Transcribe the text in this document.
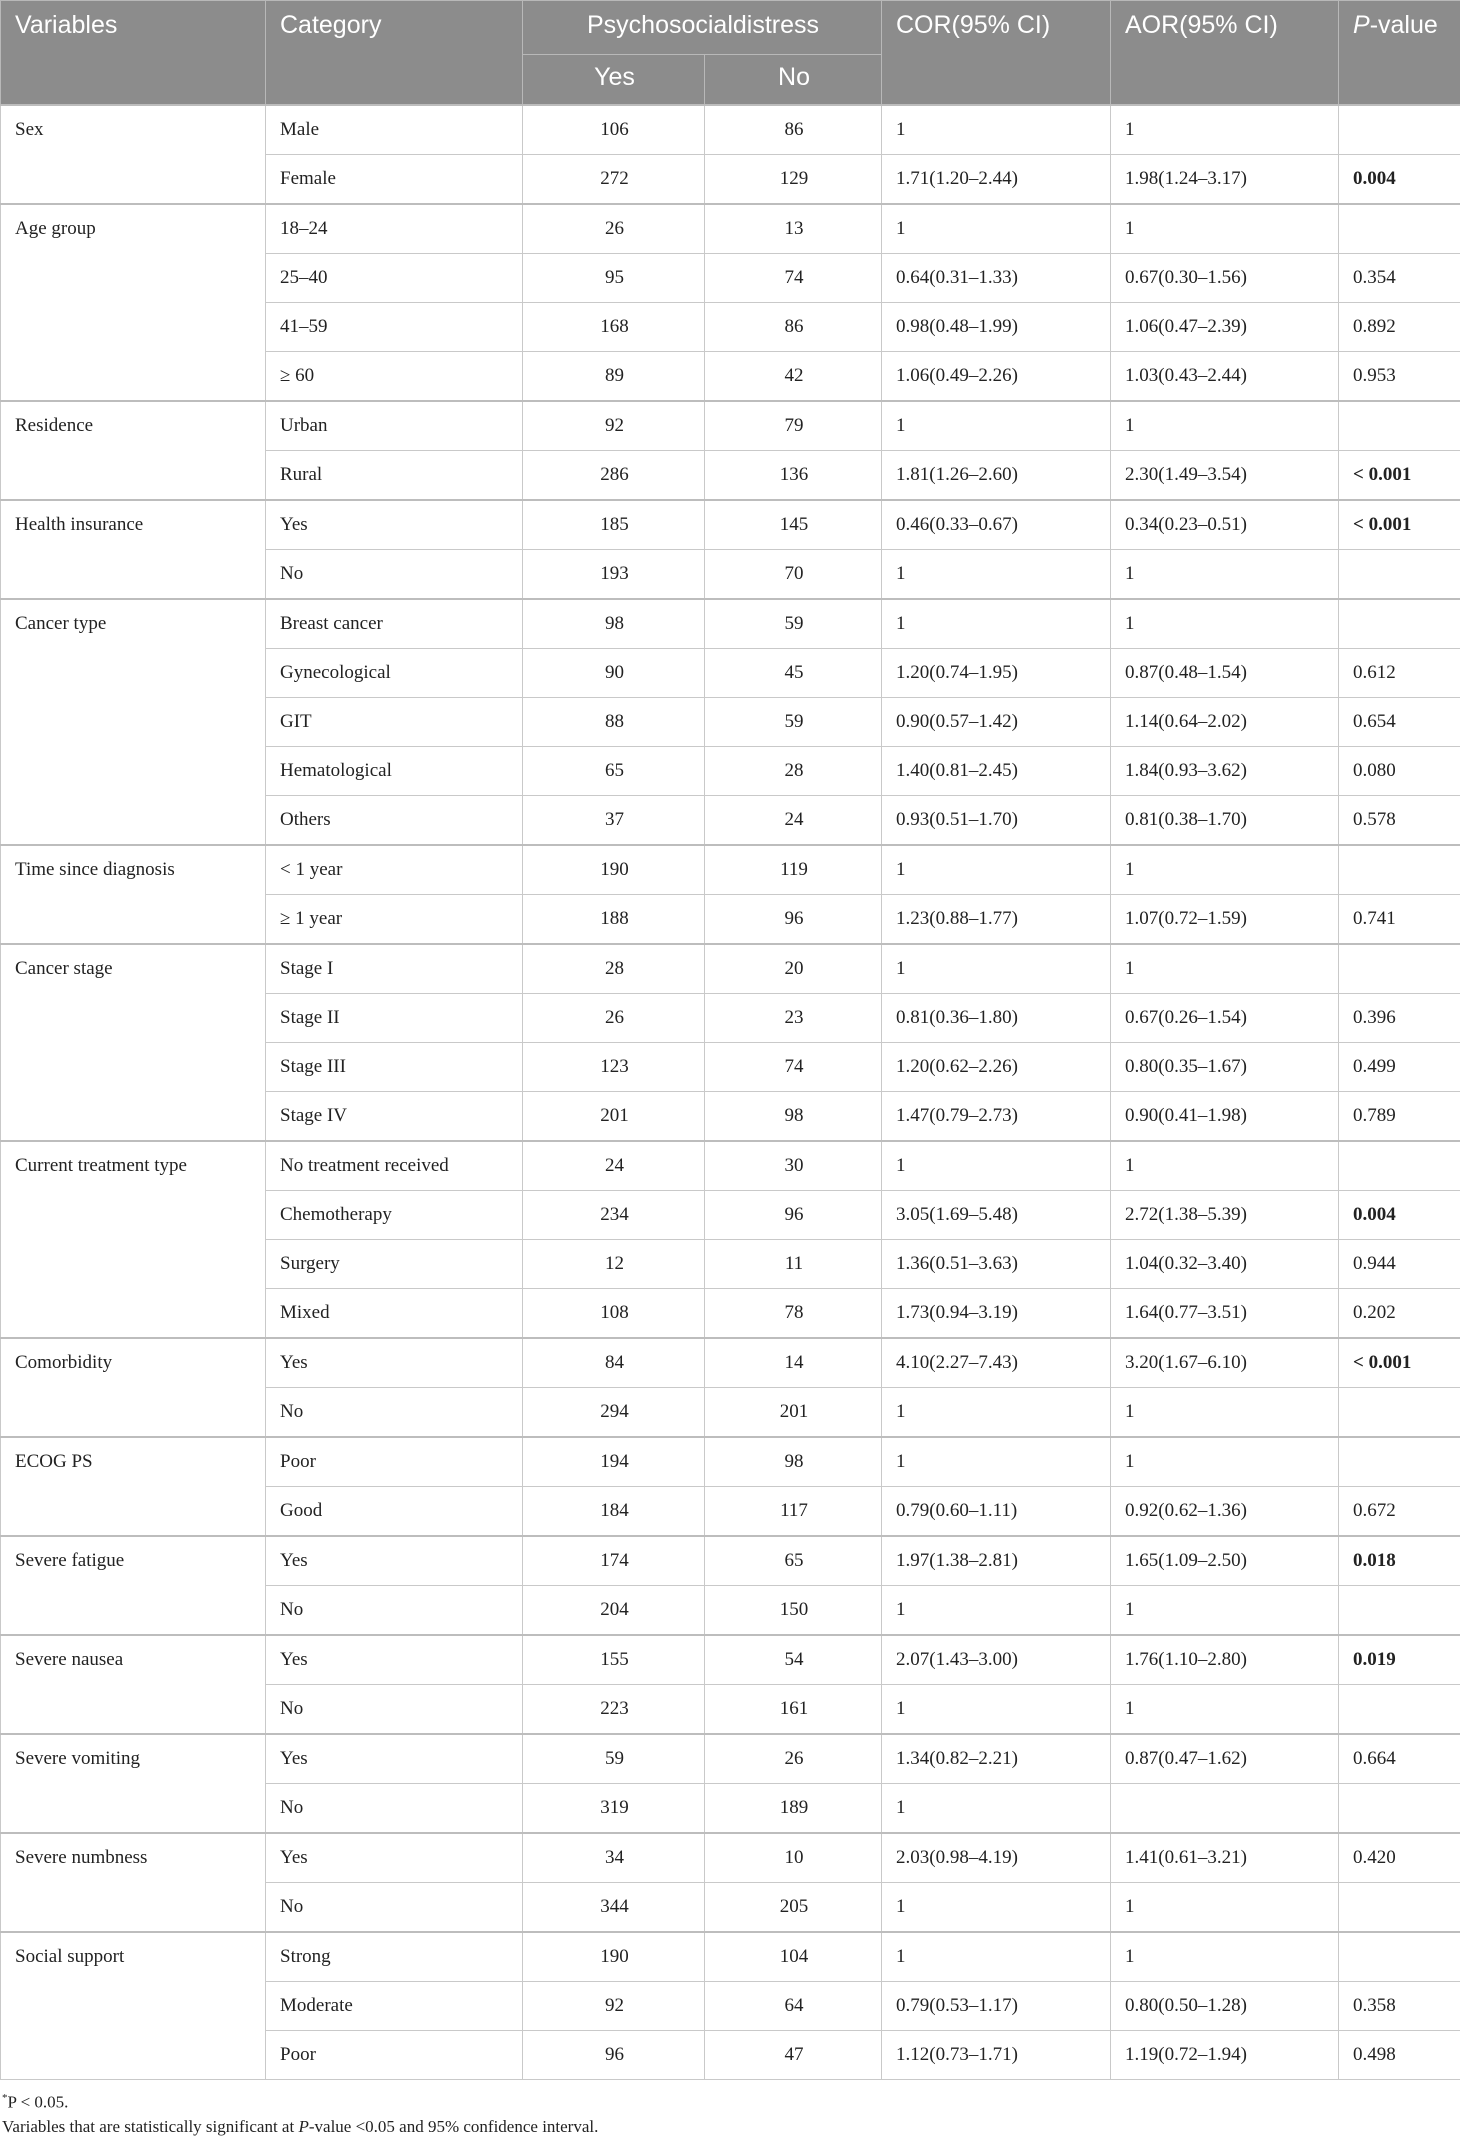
Variables	Category	Psychosocialdistress		COR(95% CI)	AOR(95% CI)	P-value
		Yes	No			
Sex	Male	106	86	1	1	
	Female	272	129	1.71(1.20–2.44)	1.98(1.24–3.17)	0.004
Age group	18–24	26	13	1	1	
	25–40	95	74	0.64(0.31–1.33)	0.67(0.30–1.56)	0.354
	41–59	168	86	0.98(0.48–1.99)	1.06(0.47–2.39)	0.892
	≥ 60	89	42	1.06(0.49–2.26)	1.03(0.43–2.44)	0.953
Residence	Urban	92	79	1	1	
	Rural	286	136	1.81(1.26–2.60)	2.30(1.49–3.54)	< 0.001
Health insurance	Yes	185	145	0.46(0.33–0.67)	0.34(0.23–0.51)	< 0.001
	No	193	70	1	1	
Cancer type	Breast cancer	98	59	1	1	
	Gynecological	90	45	1.20(0.74–1.95)	0.87(0.48–1.54)	0.612
	GIT	88	59	0.90(0.57–1.42)	1.14(0.64–2.02)	0.654
	Hematological	65	28	1.40(0.81–2.45)	1.84(0.93–3.62)	0.080
	Others	37	24	0.93(0.51–1.70)	0.81(0.38–1.70)	0.578
Time since diagnosis	< 1 year	190	119	1	1	
	≥ 1 year	188	96	1.23(0.88–1.77)	1.07(0.72–1.59)	0.741
Cancer stage	Stage I	28	20	1	1	
	Stage II	26	23	0.81(0.36–1.80)	0.67(0.26–1.54)	0.396
	Stage III	123	74	1.20(0.62–2.26)	0.80(0.35–1.67)	0.499
	Stage IV	201	98	1.47(0.79–2.73)	0.90(0.41–1.98)	0.789
Current treatment type	No treatment received	24	30	1	1	
	Chemotherapy	234	96	3.05(1.69–5.48)	2.72(1.38–5.39)	0.004
	Surgery	12	11	1.36(0.51–3.63)	1.04(0.32–3.40)	0.944
	Mixed	108	78	1.73(0.94–3.19)	1.64(0.77–3.51)	0.202
Comorbidity	Yes	84	14	4.10(2.27–7.43)	3.20(1.67–6.10)	< 0.001
	No	294	201	1	1	
ECOG PS	Poor	194	98	1	1	
	Good	184	117	0.79(0.60–1.11)	0.92(0.62–1.36)	0.672
Severe fatigue	Yes	174	65	1.97(1.38–2.81)	1.65(1.09–2.50)	0.018
	No	204	150	1	1	
Severe nausea	Yes	155	54	2.07(1.43–3.00)	1.76(1.10–2.80)	0.019
	No	223	161	1	1	
Severe vomiting	Yes	59	26	1.34(0.82–2.21)	0.87(0.47–1.62)	0.664
	No	319	189	1		
Severe numbness	Yes	34	10	2.03(0.98–4.19)	1.41(0.61–3.21)	0.420
	No	344	205	1	1	
Social support	Strong	190	104	1	1	
	Moderate	92	64	0.79(0.53–1.17)	0.80(0.50–1.28)	0.358
	Poor	96	47	1.12(0.73–1.71)	1.19(0.72–1.94)	0.498
*P < 0.05.
Variables that are statistically significant at P-value <0.05 and 95% confidence interval.
